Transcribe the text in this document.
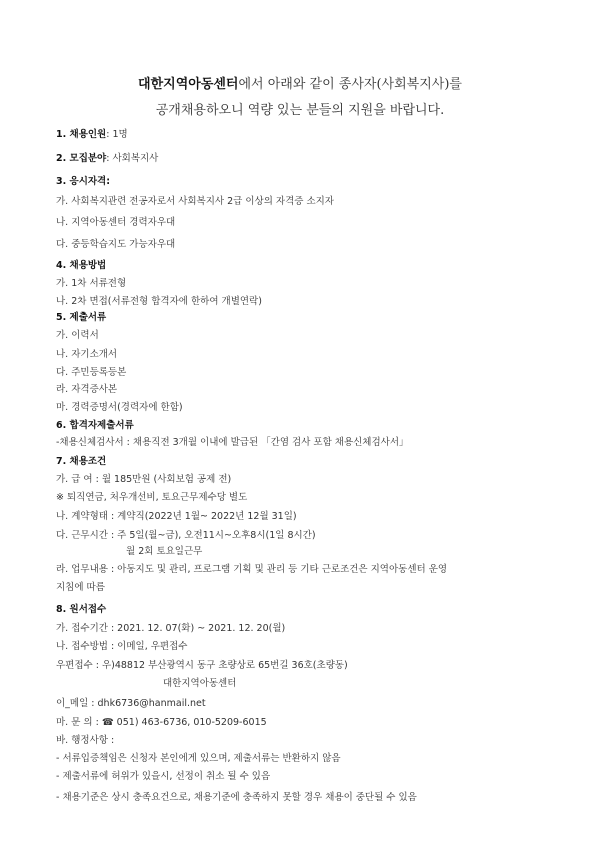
대한지역아동센터에서 아래와 같이 종사자(사회복지사)를
공개채용하오니 역량 있는 분들의 지원을 바랍니다.
1. 채용인원: 1명
2. 모집분야: 사회복지사
3. 응시자격:
가. 사회복지관련 전공자로서 사회복지사 2급 이상의 자격증 소지자
나. 지역아동센터 경력자우대
다. 중등학습지도 가능자우대
4. 채용방법
가. 1차 서류전형
나. 2차 면접(서류전형 합격자에 한하여 개별연락)
5. 제출서류
가. 이력서
나. 자기소개서
다. 주민등록등본
라. 자격증사본
마. 경력증명서(경력자에 한함)
6. 합격자제출서류
-채용신체검사서 : 채용직전 3개월 이내에 발급된 「간염 검사 포함 채용신체검사서」
7. 채용조건
가. 급 여 : 월 185만원 (사회보험 공제 전)
※ 퇴직연금, 처우개선비, 토요근무제수당 별도
나. 계약형태 : 계약직(2022년 1월~ 2022년 12월 31일)
다. 근무시간 : 주 5일(월~금), 오전11시~오후8시(1일 8시간)
월 2회 토요일근무
라. 업무내용 : 아동지도 및 관리, 프로그램 기획 및 관리 등 기타 근로조건은 지역아동센터 운영
지침에 따름
8. 원서접수
가. 접수기간 : 2021. 12. 07(화) ~ 2021. 12. 20(월)
나. 접수방법 : 이메일, 우편접수
우편접수 : 우)48812 부산광역시 동구 초량상로 65번길 36호(초량동)
대한지역아동센터
이_메일 : dhk6736@hanmail.net
마. 문 의 : ☎ 051) 463-6736, 010-5209-6015
바. 행정사항 :
- 서류입증책임은 신청자 본인에게 있으며, 제출서류는 반환하지 않음
- 제출서류에 허위가 있을시, 선정이 취소 될 수 있음
- 채용기준은 상시 충족요건으로, 채용기준에 충족하지 못할 경우 채용이 중단될 수 있음
